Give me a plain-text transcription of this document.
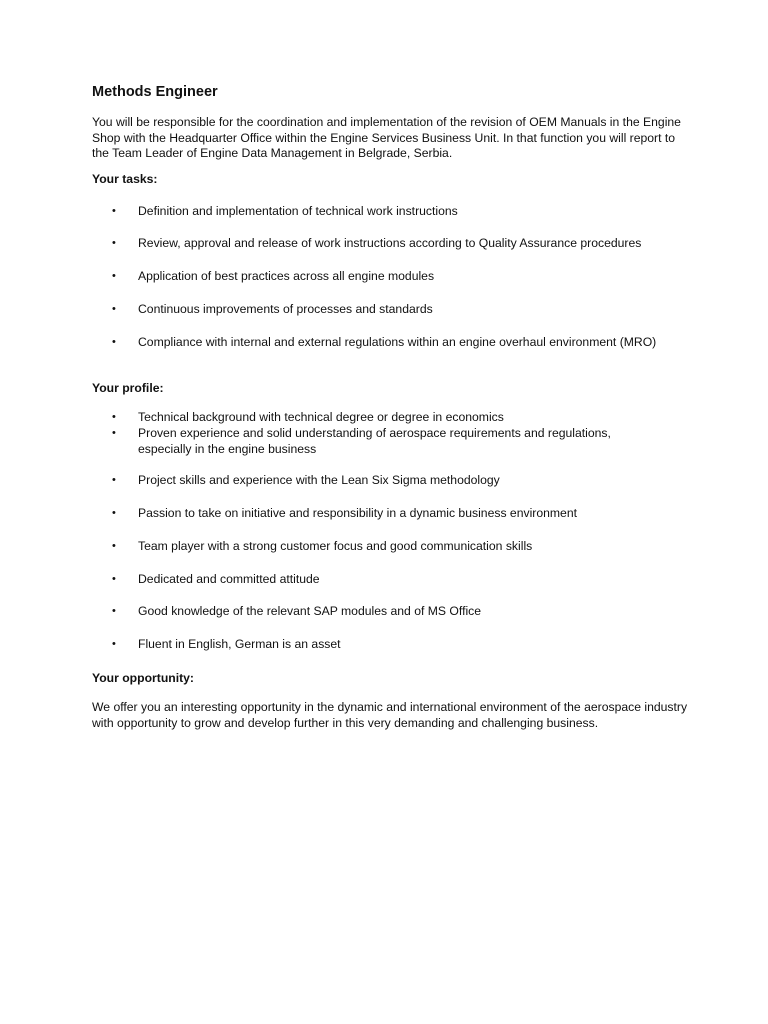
Methods Engineer

You will be responsible for the coordination and implementation of the revision of OEM Manuals in the Engine Shop with the Headquarter Office within the Engine Services Business Unit. In that function you will report to the Team Leader of Engine Data Management in Belgrade, Serbia.

Your tasks:
• Definition and implementation of technical work instructions
• Review, approval and release of work instructions according to Quality Assurance procedures
• Application of best practices across all engine modules
• Continuous improvements of processes and standards
• Compliance with internal and external regulations within an engine overhaul environment (MRO)
Your profile:
• Technical background with technical degree or degree in economics
• Proven experience and solid understanding of aerospace requirements and regulations, especially in the engine business
• Project skills and experience with the Lean Six Sigma methodology
• Passion to take on initiative and responsibility in a dynamic business environment
• Team player with a strong customer focus and good communication skills
• Dedicated and committed attitude
• Good knowledge of the relevant SAP modules and of MS Office
• Fluent in English, German is an asset
Your opportunity:

We offer you an interesting opportunity in the dynamic and international environment of the aerospace industry with opportunity to grow and develop further in this very demanding and challenging business.
